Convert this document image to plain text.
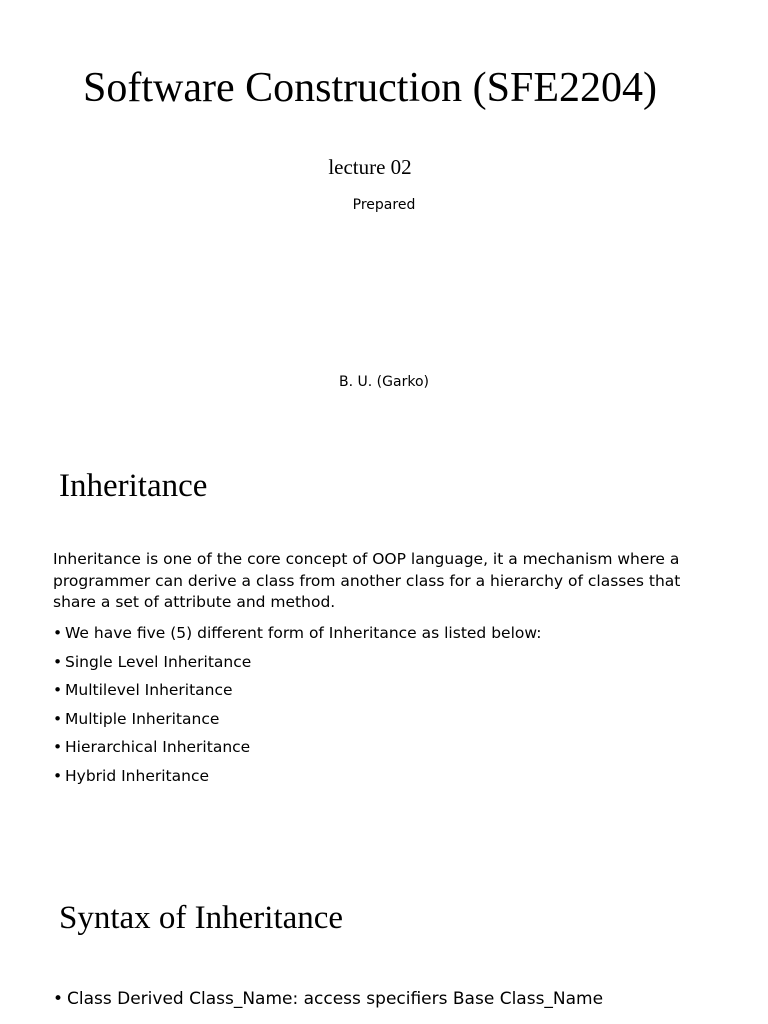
Software Construction (SFE2204)
lecture 02
Prepared
B. U. (Garko)
Inheritance
Inheritance is one of the core concept of OOP language, it a mechanism where a programmer can derive a class from another class for a hierarchy of classes that share a set of attribute and method.
• We have five (5) different form of Inheritance as listed below:
• Single Level Inheritance
• Multilevel Inheritance
• Multiple Inheritance
• Hierarchical Inheritance
• Hybrid Inheritance
Syntax of Inheritance
• Class Derived Class_Name: access specifiers Base Class_Name
